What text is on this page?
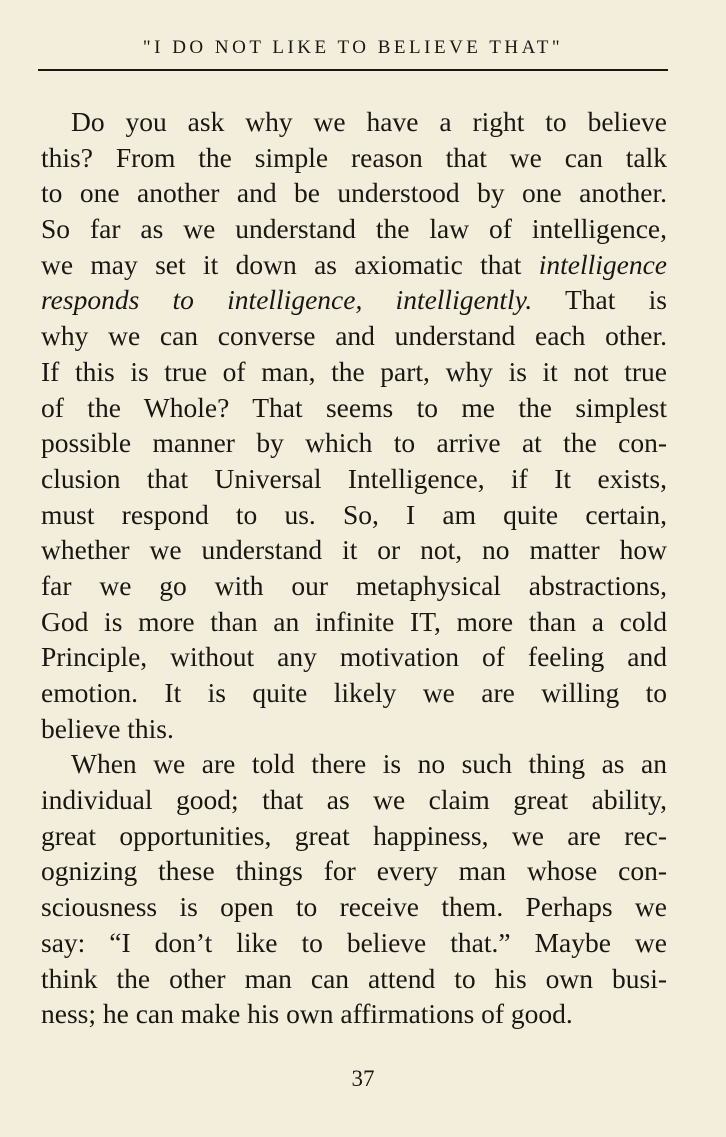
"I DO NOT LIKE TO BELIEVE THAT"
Do you ask why we have a right to believe
this? From the simple reason that we can talk
to one another and be understood by one another.
So far as we understand the law of intelligence,
we may set it down as axiomatic that intelligence
responds to intelligence, intelligently. That is
why we can converse and understand each other.
If this is true of man, the part, why is it not true
of the Whole? That seems to me the simplest
possible manner by which to arrive at the con-
clusion that Universal Intelligence, if It exists,
must respond to us. So, I am quite certain,
whether we understand it or not, no matter how
far we go with our metaphysical abstractions,
God is more than an infinite IT, more than a cold
Principle, without any motivation of feeling and
emotion. It is quite likely we are willing to
believe this.
When we are told there is no such thing as an
individual good; that as we claim great ability,
great opportunities, great happiness, we are rec-
ognizing these things for every man whose con-
sciousness is open to receive them. Perhaps we
say: “I don’t like to believe that.” Maybe we
think the other man can attend to his own busi-
ness; he can make his own affirmations of good.
37
